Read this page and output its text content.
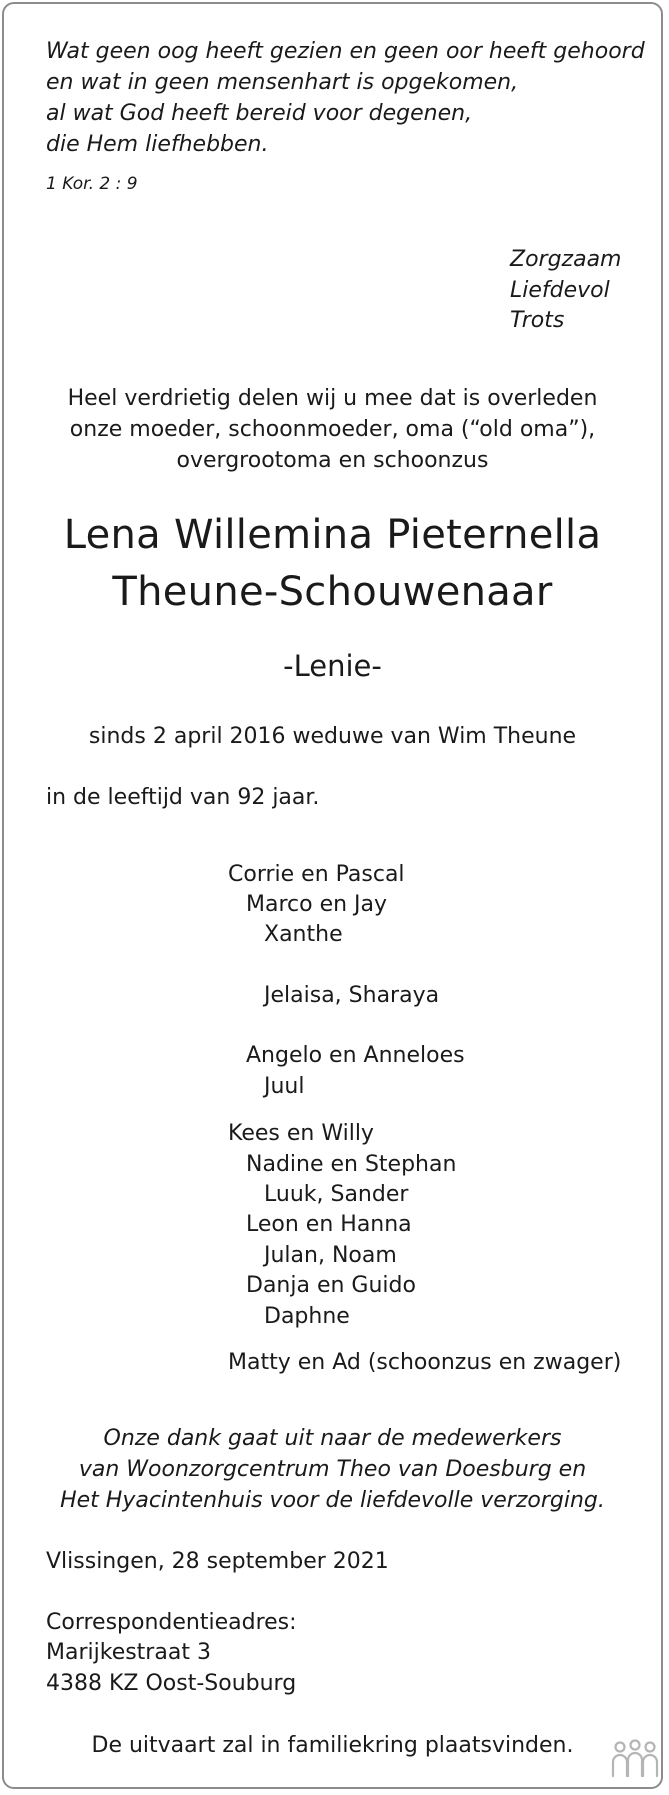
Wat geen oog heeft gezien en geen oor heeft gehoord
en wat in geen mensenhart is opgekomen,
al wat God heeft bereid voor degenen,
die Hem liefhebben.
1 Kor. 2 : 9
Zorgzaam
Liefdevol
Trots
Heel verdrietig delen wij u mee dat is overleden
onze moeder, schoonmoeder, oma (“old oma”),
overgrootoma en schoonzus
Lena Willemina Pieternella
Theune-Schouwenaar
-Lenie-
sinds 2 april 2016 weduwe van Wim Theune
in de leeftijd van 92 jaar.
Corrie en Pascal
Marco en Jay
Xanthe
Jelaisa, Sharaya
Angelo en Anneloes
Juul
Kees en Willy
Nadine en Stephan
Luuk, Sander
Leon en Hanna
Julan, Noam
Danja en Guido
Daphne
Matty en Ad (schoonzus en zwager)
Onze dank gaat uit naar de medewerkers
van Woonzorgcentrum Theo van Doesburg en
Het Hyacintenhuis voor de liefdevolle verzorging.
Vlissingen, 28 september 2021
Correspondentieadres:
Marijkestraat 3
4388 KZ Oost-Souburg
De uitvaart zal in familiekring plaatsvinden.
